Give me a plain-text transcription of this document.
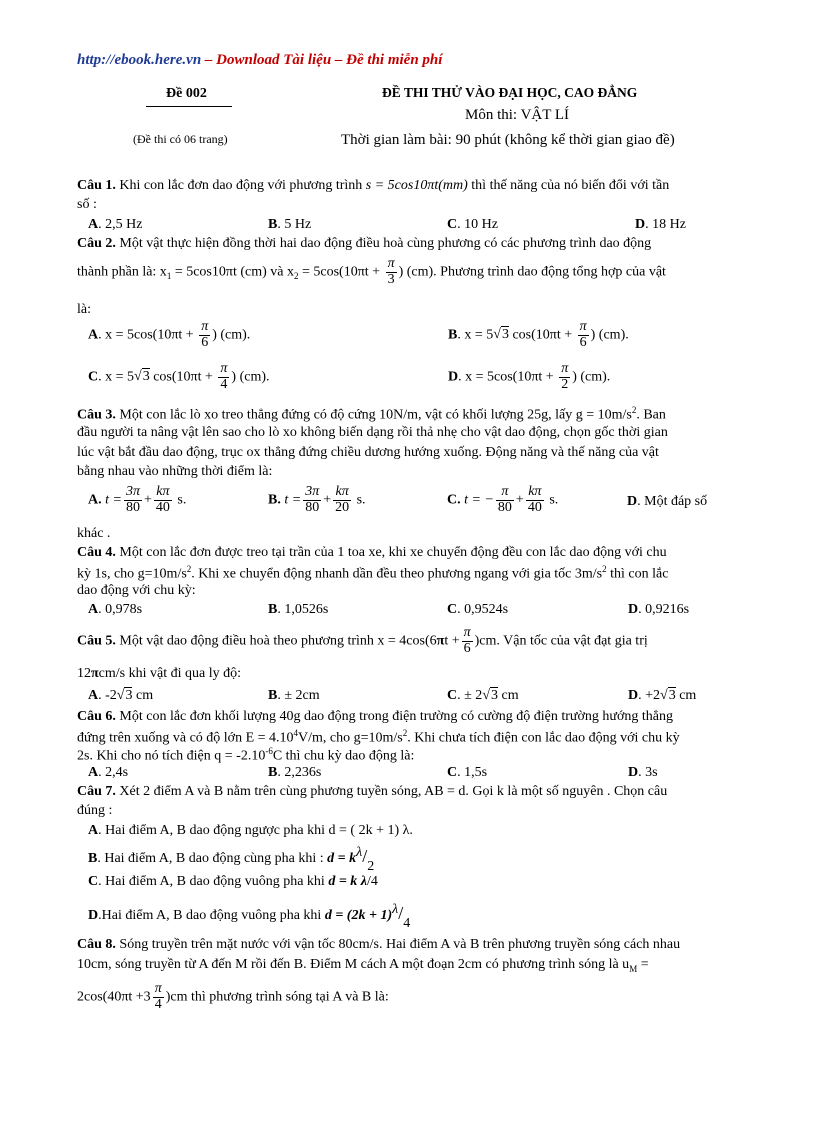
http://ebook.here.vn – Download Tài liệu – Đề thi miễn phí
Đề 002
(Đề thi có 06 trang)
ĐỀ THI THỬ VÀO ĐẠI HỌC, CAO ĐẲNG
Môn thi: VẬT LÍ
Thời gian làm bài: 90 phút (không kể thời gian giao đề)
Câu 1. Khi con lắc đơn dao động với phương trình s = 5cos10πt(mm) thì thế năng của nó biến đổi với tần
số :
A. 2,5 Hz	B. 5 Hz	C. 10 Hz	D. 18 Hz
Câu 2. Một vật thực hiện đồng thời hai dao động điều hoà cùng phương có các phương trình dao động
thành phần là: $x_1 = 5\cos 10\pi t$ (cm) và $x_2 = 5\cos(10\pi t + \frac{\pi}{3}$ ) (cm). Phương trình dao động tổng hợp của vật
là:
A. $x = 5\cos(10\pi t + \frac{\pi}{6}$ ) (cm).	B. x = 5√3 $\cos(10\pi t + \frac{\pi}{6}$ ) (cm).
C. x = 5√3 $\cos(10\pi t + \frac{\pi}{4}$ ) (cm).	D. $x = 5\cos(10\pi t + \frac{\pi}{2}$ ) (cm).
Câu 3. Một con lắc lò xo treo thẳng đứng có độ cứng 10N/m, vật có khối lượng 25g, lấy $g = 10m/s^2$. Ban
đầu người ta nâng vật lên sao cho lò xo không biến dạng rồi thả nhẹ cho vật dao động, chọn gốc thời gian
lúc vật bắt đầu dao động, trục ox thẳng đứng chiều dương hướng xuống. Động năng và thế năng của vật
bằng nhau vào những thời điểm là:
A. $t = \frac{3\pi}{80} + \frac{k\pi}{40} s$.	B. $t = \frac{3\pi}{80} + \frac{k\pi}{20} s$.	C. t = − $\frac{\pi}{80} + \frac{k\pi}{40} s$.	D. Một đáp số
khác .
Câu 4. Một con lắc đơn được treo tại trần của 1 toa xe, khi xe chuyển động đều con lắc dao động với chu
kỳ 1s, cho $g=10m/s^2$. Khi xe chuyển động nhanh dần đều theo phương ngang với gia tốc $3m/s^2$ thì con lắc
dao động với chu kỳ:
A. 0,978s	B. 1,0526s	C. 0,9524s	D. 0,9216s
Câu 5. Một vật dao động điều hoà theo phương trình $x = 4\cos(6\pi t + \frac{\pi}{6} )cm$. Vận tốc của vật đạt gia trị
12πcm/s khi vật đi qua ly độ:
A. -2√3 cm	B. ± 2cm	C. ± 2√3 cm	D. +2√3 cm
Câu 6. Một con lắc đơn khối lượng 40g dao động trong điện trường có cường độ điện trường hướng thẳng
đứng trên xuống và có độ lớn $E = 4.10^4V/m$, cho $g=10m/s^2$. Khi chưa tích điện con lắc dao động với chu kỳ
2s. Khi cho nó tích điện $q = -2.10^{-6}C$ thì chu kỳ dao động là:
A. 2,4s	B. 2,236s	C. 1,5s	D. 3s
Câu 7. Xét 2 điểm A và B nằm trên cùng phương tuyền sóng, AB = d. Gọi k là một số nguyên . Chọn câu
đúng :
A. Hai điểm A, B dao động ngược pha khi d = ( 2k + 1) λ.
B. Hai điểm A, B dao động cùng pha khi : d = kλ/2
C. Hai điểm A, B dao động vuông pha khi d = k λ/4
D.Hai điểm A, B dao động vuông pha khi d = (2k + 1)λ/4
Câu 8. Sóng truyền trên mặt nước với vận tốc 80cm/s. Hai điểm A và B trên phương truyền sóng cách nhau
10cm, sóng truyền từ A đến M rồi đến B. Điểm M cách A một đoạn 2cm có phương trình sóng là $u_M$ =
$2\cos(40\pi t +3 \frac{\pi}{4} )cm$ thì phương trình sóng tại A và B là:
